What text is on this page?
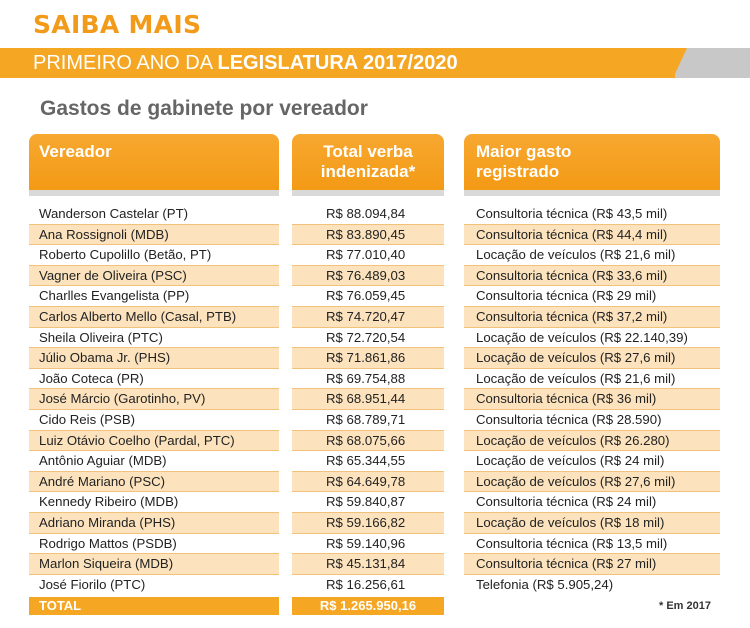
SAIBA MAIS
PRIMEIRO ANO DA LEGISLATURA 2017/2020
Gastos de gabinete por vereador
Vereador
Wanderson Castelar (PT)
Ana Rossignoli (MDB)
Roberto Cupolillo (Betão, PT)
Vagner de Oliveira (PSC)
Charlles Evangelista (PP)
Carlos Alberto Mello (Casal, PTB)
Sheila Oliveira (PTC)
Júlio Obama Jr. (PHS)
João Coteca (PR)
José Márcio (Garotinho, PV)
Cido Reis (PSB)
Luiz Otávio Coelho (Pardal, PTC)
Antônio Aguiar (MDB)
André Mariano (PSC)
Kennedy Ribeiro (MDB)
Adriano Miranda (PHS)
Rodrigo Mattos (PSDB)
Marlon Siqueira (MDB)
José Fiorilo (PTC)
Total verba
indenizada*
R$ 88.094,84
R$ 83.890,45
R$ 77.010,40
R$ 76.489,03
R$ 76.059,45
R$ 74.720,47
R$ 72.720,54
R$ 71.861,86
R$ 69.754,88
R$ 68.951,44
R$ 68.789,71
R$ 68.075,66
R$ 65.344,55
R$ 64.649,78
R$ 59.840,87
R$ 59.166,82
R$ 59.140,96
R$ 45.131,84
R$ 16.256,61
Maior gasto
registrado
Consultoria técnica (R$ 43,5 mil)
Consultoria técnica (R$ 44,4 mil)
Locação de veículos (R$ 21,6 mil)
Consultoria técnica (R$ 33,6 mil)
Consultoria técnica (R$ 29 mil)
Consultoria técnica (R$ 37,2 mil)
Locação de veículos (R$ 22.140,39)
Locação de veículos (R$ 27,6 mil)
Locação de veículos (R$ 21,6 mil)
Consultoria técnica (R$ 36 mil)
Consultoria técnica (R$ 28.590)
Locação de veículos (R$ 26.280)
Locação de veículos (R$ 24 mil)
Locação de veículos (R$ 27,6 mil)
Consultoria técnica (R$ 24 mil)
Locação de veículos (R$ 18 mil)
Consultoria técnica (R$ 13,5 mil)
Consultoria técnica (R$ 27 mil)
Telefonia (R$ 5.905,24)
TOTAL	R$ 1.265.950,16	* Em 2017
